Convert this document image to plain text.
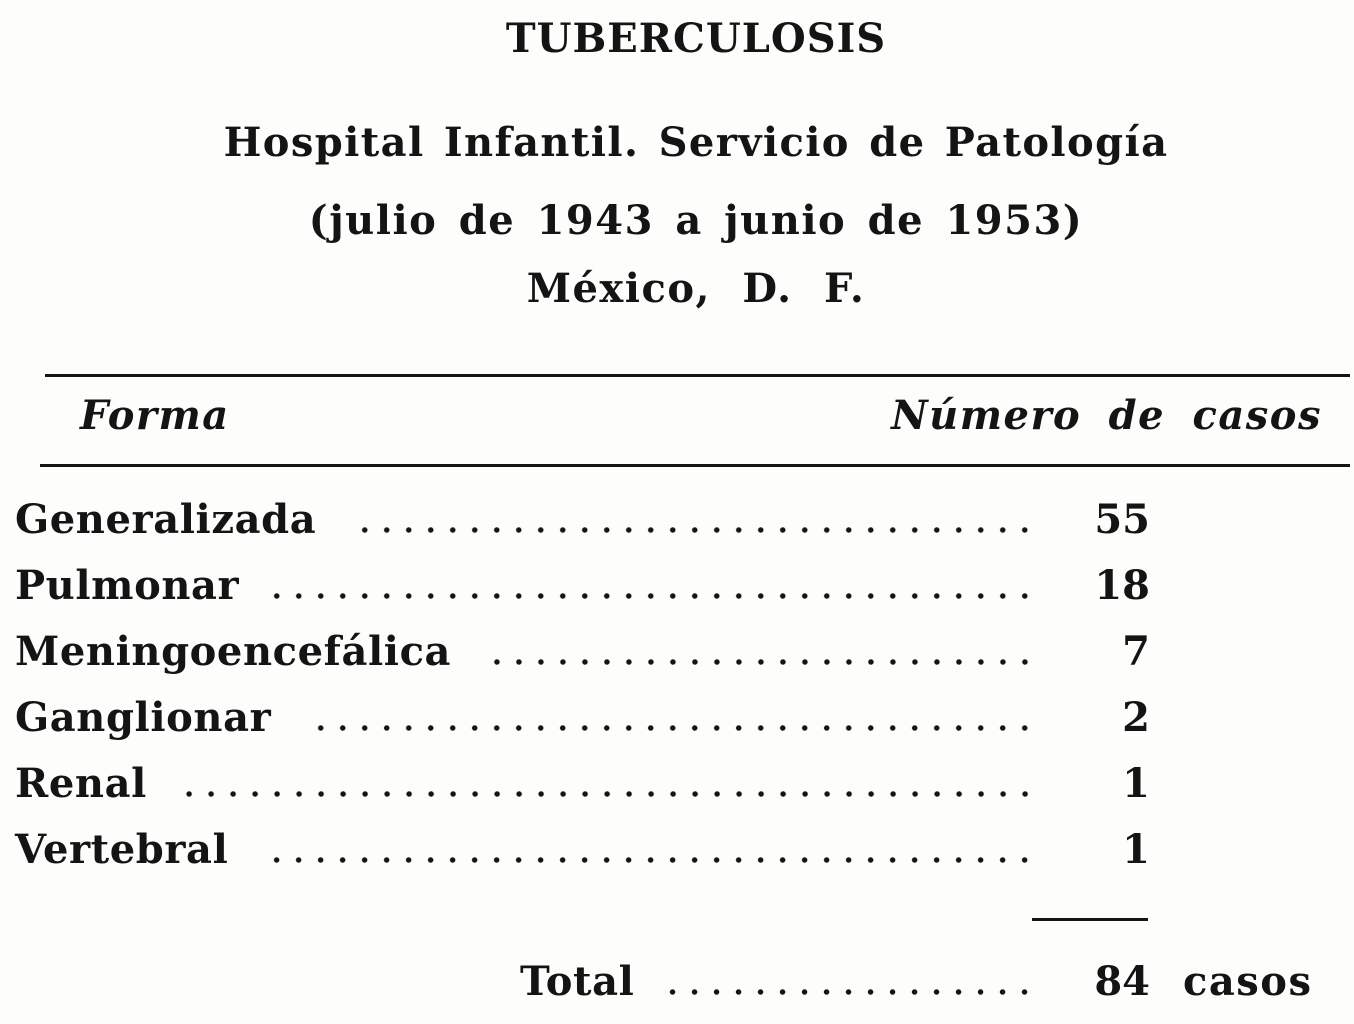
TUBERCULOSIS
Hospital Infantil. Servicio de Patología
(julio de 1943 a junio de 1953)
México, D. F.
Forma	Número de casos
Generalizada	55
Pulmonar	18
Meningoencefálica	7
Ganglionar	2
Renal	1
Vertebral	1
Total	84 casos
